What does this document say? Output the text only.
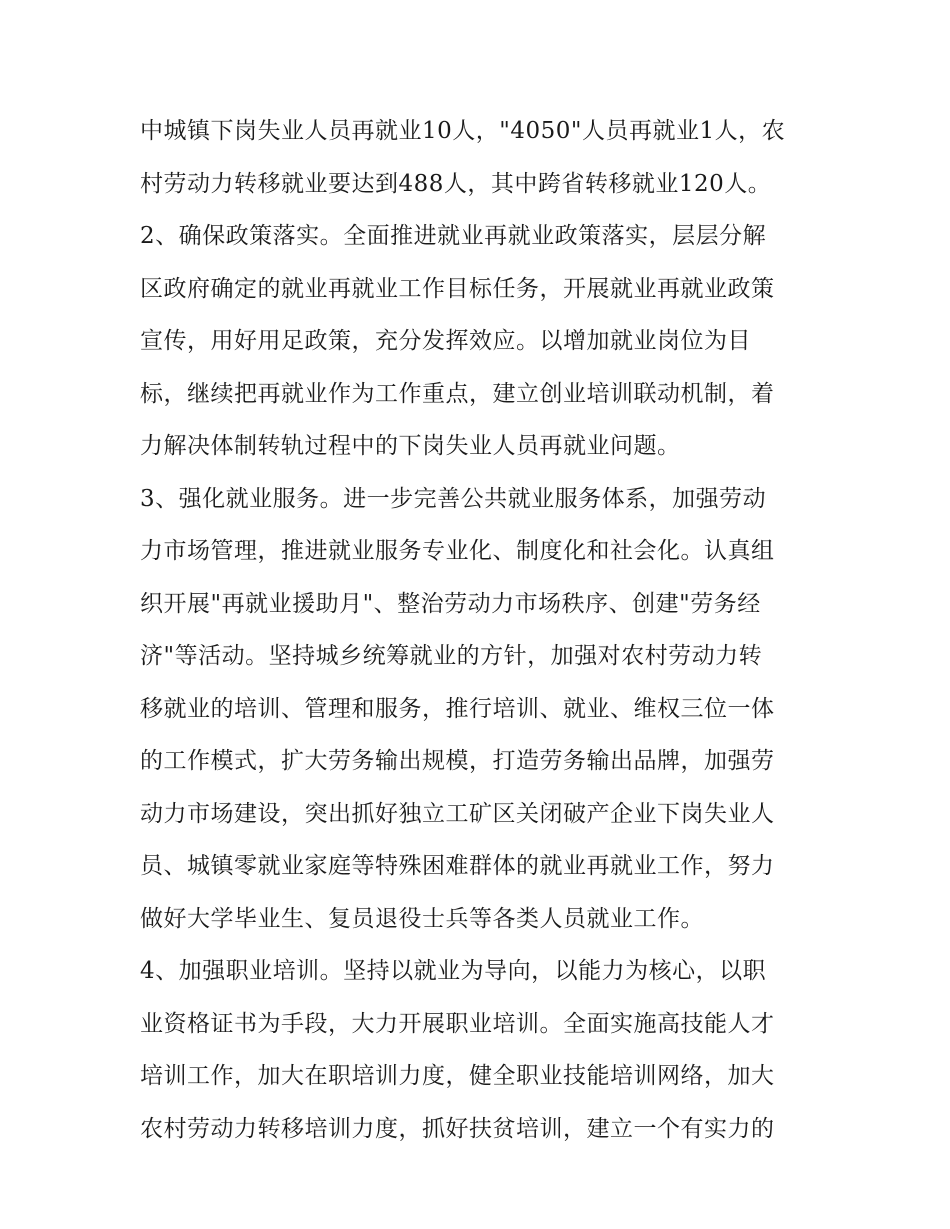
中城镇下岗失业人员再就业10人，"4050"人员再就业1人，农
村劳动力转移就业要达到488人，其中跨省转移就业120人。
2、确保政策落实。全面推进就业再就业政策落实，层层分解
区政府确定的就业再就业工作目标任务，开展就业再就业政策
宣传，用好用足政策，充分发挥效应。以增加就业岗位为目
标，继续把再就业作为工作重点，建立创业培训联动机制，着
力解决体制转轨过程中的下岗失业人员再就业问题。
3、强化就业服务。进一步完善公共就业服务体系，加强劳动
力市场管理，推进就业服务专业化、制度化和社会化。认真组
织开展"再就业援助月"、整治劳动力市场秩序、创建"劳务经
济"等活动。坚持城乡统筹就业的方针，加强对农村劳动力转
移就业的培训、管理和服务，推行培训、就业、维权三位一体
的工作模式，扩大劳务输出规模，打造劳务输出品牌，加强劳
动力市场建设，突出抓好独立工矿区关闭破产企业下岗失业人
员、城镇零就业家庭等特殊困难群体的就业再就业工作，努力
做好大学毕业生、复员退役士兵等各类人员就业工作。
4、加强职业培训。坚持以就业为导向，以能力为核心，以职
业资格证书为手段，大力开展职业培训。全面实施高技能人才
培训工作，加大在职培训力度，健全职业技能培训网络，加大
农村劳动力转移培训力度，抓好扶贫培训，建立一个有实力的
